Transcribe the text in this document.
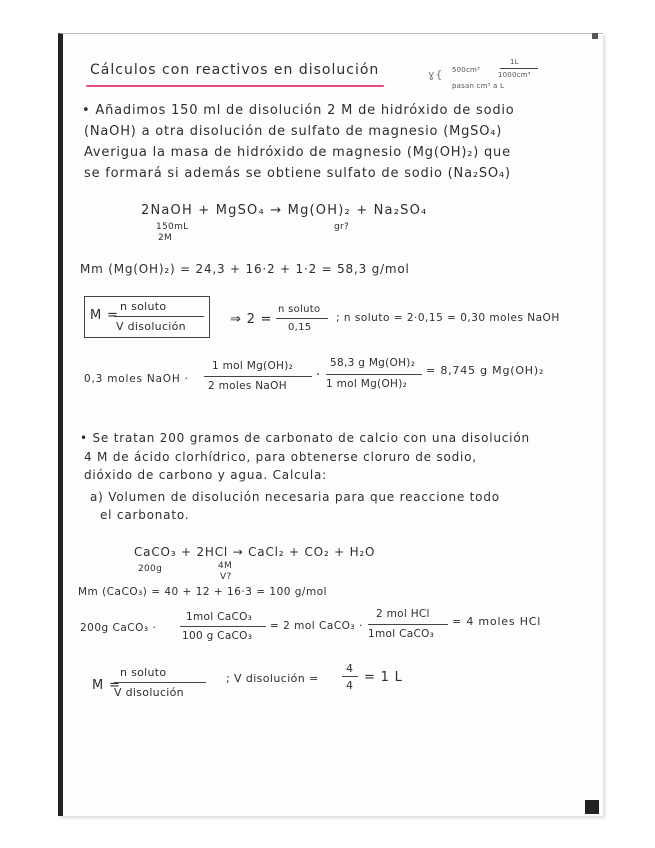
Cálculos con reactivos en disolución	500cm³
1L
1000cm³
pasan cm³ a L
ɣ{
• Añadimos 150 ml de disolución 2 M de hidróxido de sodio
(NaOH) a otra disolución de sulfato de magnesio (MgSO₄)
Averigua la masa de hidróxido de magnesio (Mg(OH)₂) que
se formará si además se obtiene sulfato de sodio (Na₂SO₄)
2NaOH + MgSO₄ → Mg(OH)₂ + Na₂SO₄
150mL
2M
gr?
Mm (Mg(OH)₂) = 24,3 + 16·2 + 1·2 = 58,3 g/mol
M =
n soluto
V disolución	⇒ 2 =
n soluto
0,15
; n soluto = 2·0,15 = 0,30 moles NaOH
0,3 moles NaOH ·
1 mol Mg(OH)₂
2 moles NaOH
·
58,3 g Mg(OH)₂
1 mol Mg(OH)₂
= 8,745 g Mg(OH)₂
• Se tratan 200 gramos de carbonato de calcio con una disolución
4 M de ácido clorhídrico, para obtenerse cloruro de sodio,
dióxido de carbono y agua. Calcula:
a) Volumen de disolución necesaria para que reaccione todo
el carbonato.
CaCO₃ + 2HCl → CaCl₂ + CO₂ + H₂O
200g	4M
V?
Mm (CaCO₃) = 40 + 12 + 16·3 = 100 g/mol
200g CaCO₃ ·
1mol CaCO₃
100 g CaCO₃
= 2 mol CaCO₃ ·
2 mol HCl
1mol CaCO₃
= 4 moles HCl
M =
n soluto
V disolución
; V disolución =
4
4
= 1 L
